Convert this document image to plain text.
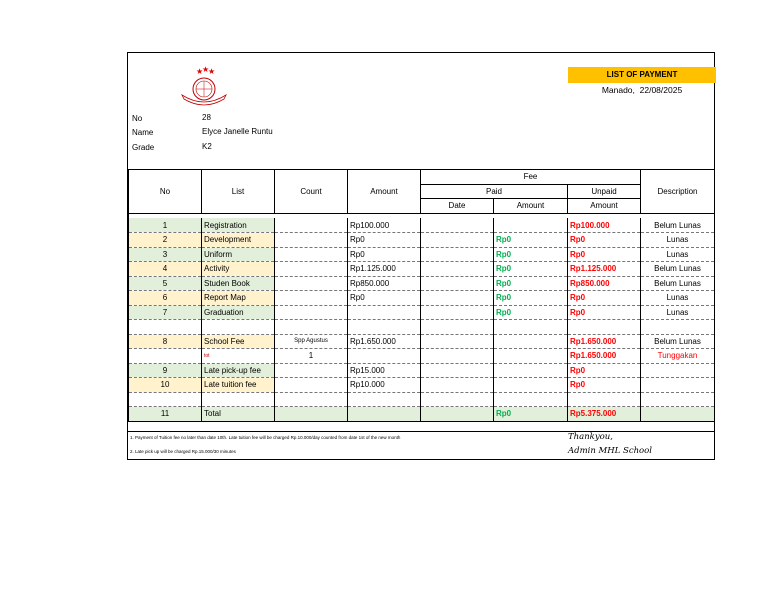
★
★
★	LIST OF PAYMENT
Manado, 22/08/2025
No	28
Name	Elyce Janelle Runtu
Grade	K2
No	List	Count	Amount	Fee			Description
				Paid		Unpaid	
				Date	Amount	Amount	

1	Registration		Rp100.000			Rp100.000	Belum Lunas
2	Development		Rp0		Rp0	Rp0	Lunas
3	Uniform		Rp0		Rp0	Rp0	Lunas
4	Activity		Rp1.125.000		Rp0	Rp1.125.000	Belum Lunas
5	Studen Book		Rp850.000		Rp0	Rp850.000	Belum Lunas
6	Report Map		Rp0		Rp0	Rp0	Lunas
7	Graduation				Rp0	Rp0	Lunas

8	School Fee	Spp Agustus	Rp1.650.000			Rp1.650.000	Belum Lunas
	tot	1				Rp1.650.000	Tunggakan
9	Late pick-up fee		Rp15.000			Rp0	
10	Late tuition fee		Rp10.000			Rp0	

11	Total				Rp0	Rp5.375.000	
1. Payment of Tuition fee no later than date 10th. Late tuition fee will be charged Rp.10.000/day counted from date 1st of the new month
2. Late pick up will be charged Rp.15.000/30 minutes
Thankyou,
Admin MHL School
